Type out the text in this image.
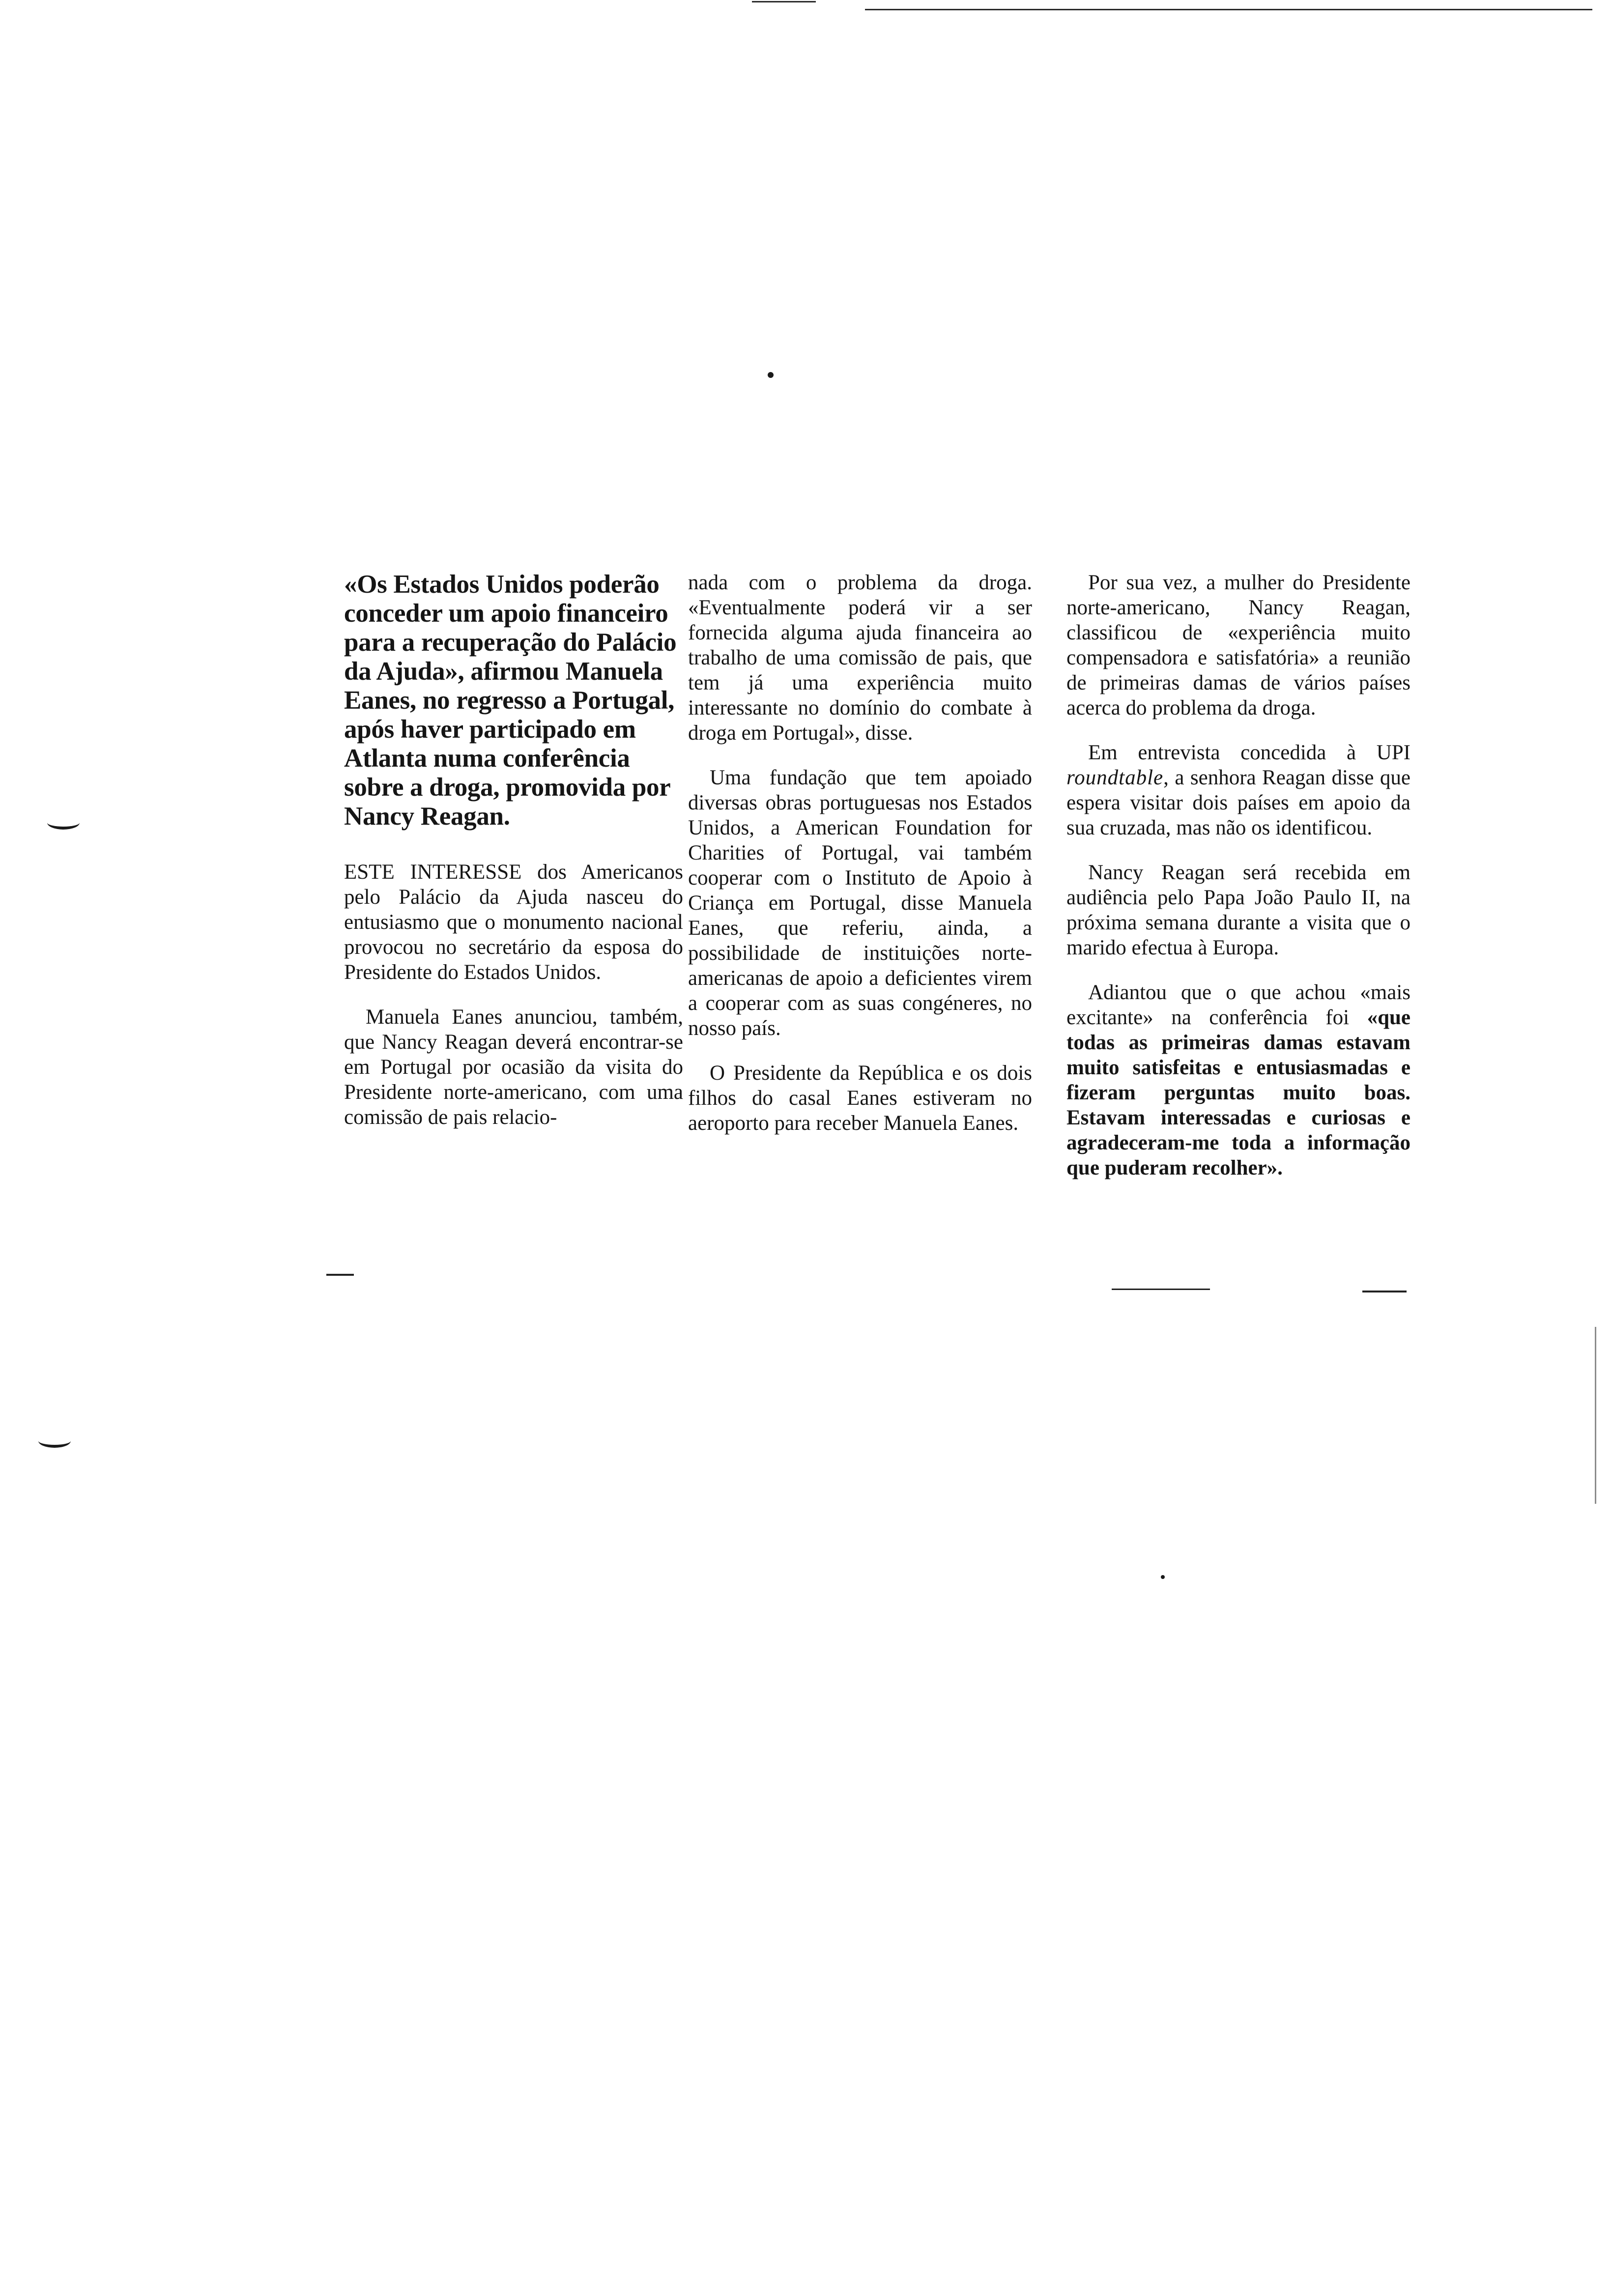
«Os Estados Unidos poderão conceder um apoio financeiro para a recuperação do Palácio da Ajuda», afirmou Manuela Eanes, no regresso a Portugal, após haver participado em Atlanta numa conferência sobre a droga, promovida por Nancy Reagan.

ESTE INTERESSE dos Americanos pelo Palácio da Ajuda nasceu do entusiasmo que o monumento nacional provocou no secretário da esposa do Presidente do Estados Unidos.

Manuela Eanes anunciou, também, que Nancy Reagan deverá encontrar-se em Portugal por ocasião da visita do Presidente norte-americano, com uma comissão de pais relacio-

nada com o problema da droga. «Eventualmente poderá vir a ser fornecida alguma ajuda financeira ao trabalho de uma comissão de pais, que tem já uma experiência muito interessante no domínio do combate à droga em Portugal», disse.

Uma fundação que tem apoiado diversas obras portuguesas nos Estados Unidos, a American Foundation for Charities of Portugal, vai também cooperar com o Instituto de Apoio à Criança em Portugal, disse Manuela Eanes, que referiu, ainda, a possibilidade de instituições norte-americanas de apoio a deficientes virem a cooperar com as suas congéneres, no nosso país.

O Presidente da República e os dois filhos do casal Eanes estiveram no aeroporto para receber Manuela Eanes.

Por sua vez, a mulher do Presidente norte-americano, Nancy Reagan, classificou de «experiência muito compensadora e satisfatória» a reunião de primeiras damas de vários países acerca do problema da droga.

Em entrevista concedida à UPI roundtable, a senhora Reagan disse que espera visitar dois países em apoio da sua cruzada, mas não os identificou.

Nancy Reagan será recebida em audiência pelo Papa João Paulo II, na próxima semana durante a visita que o marido efectua à Europa.

Adiantou que o que achou «mais excitante» na conferência foi «que todas as primeiras damas estavam muito satisfeitas e entusiasmadas e fizeram perguntas muito boas. Estavam interessadas e curiosas e agradeceram-me toda a informação que puderam recolher».
